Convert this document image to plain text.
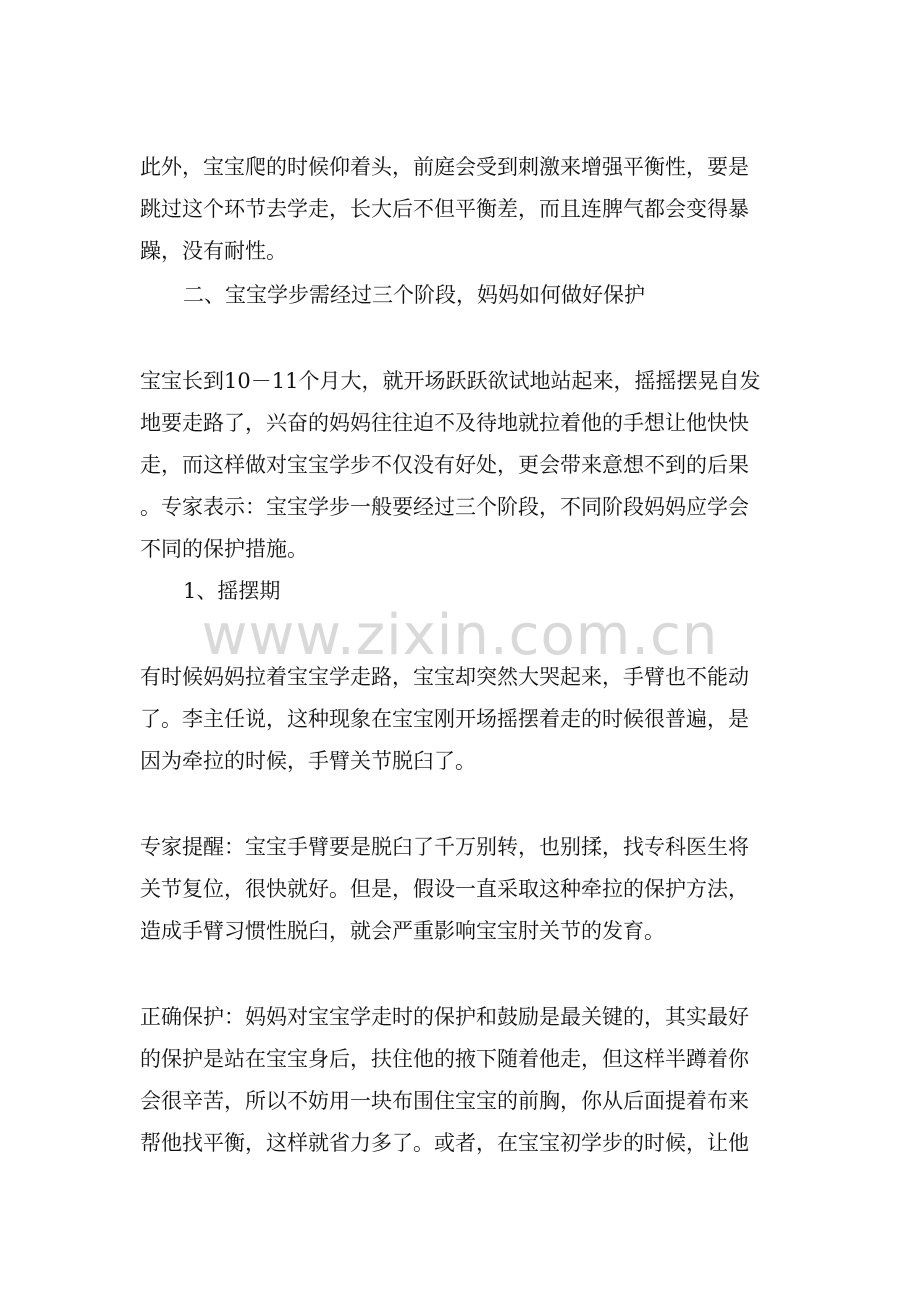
此外，宝宝爬的时候仰着头，前庭会受到刺激来增强平衡性，要是
跳过这个环节去学走，长大后不但平衡差，而且连脾气都会变得暴
躁，没有耐性。
二、宝宝学步需经过三个阶段，妈妈如何做好保护
宝宝长到10－11个月大，就开场跃跃欲试地站起来，摇摇摆晃自发
地要走路了，兴奋的妈妈往往迫不及待地就拉着他的手想让他快快
走，而这样做对宝宝学步不仅没有好处，更会带来意想不到的后果
。专家表示：宝宝学步一般要经过三个阶段，不同阶段妈妈应学会
不同的保护措施。
1、摇摆期
有时候妈妈拉着宝宝学走路，宝宝却突然大哭起来，手臂也不能动
了。李主任说，这种现象在宝宝刚开场摇摆着走的时候很普遍，是
因为牵拉的时候，手臂关节脱臼了。
专家提醒：宝宝手臂要是脱臼了千万别转，也别揉，找专科医生将
关节复位，很快就好。但是，假设一直采取这种牵拉的保护方法，
造成手臂习惯性脱臼，就会严重影响宝宝肘关节的发育。
正确保护：妈妈对宝宝学走时的保护和鼓励是最关键的，其实最好
的保护是站在宝宝身后，扶住他的掖下随着他走，但这样半蹲着你
会很辛苦，所以不妨用一块布围住宝宝的前胸，你从后面提着布来
帮他找平衡，这样就省力多了。或者，在宝宝初学步的时候，让他
www.zixin.com.cn
